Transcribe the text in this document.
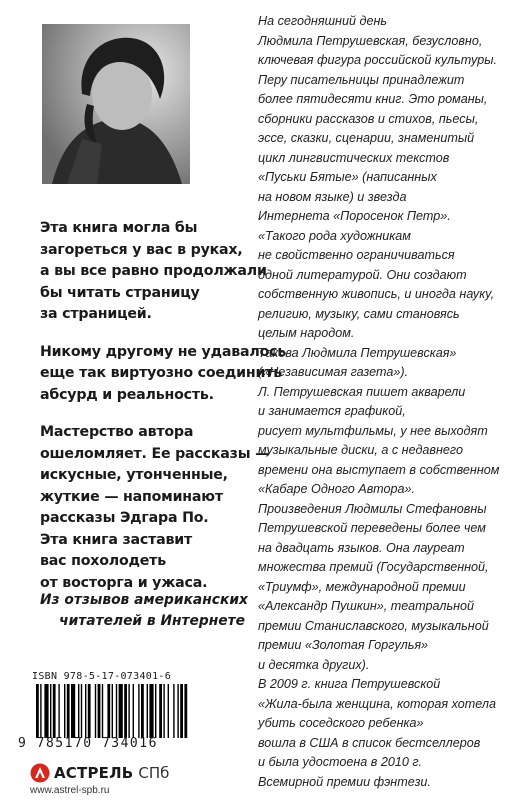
Эта книга могла бы
загореться у вас в руках,
а вы все равно продолжали
бы читать страницу
за страницей.

Никому другому не удавалось
еще так виртуозно соединить
абсурд и реальность.

Мастерство автора
ошеломляет. Ее рассказы —
искусные, утонченные,
жуткие — напоминают
рассказы Эдгара По.
Эта книга заставит
вас похолодеть
от восторга и ужаса.

Из отзывов американских
читателей в Интернете
На сегодняшний день
Людмила Петрушевская, безусловно,
ключевая фигура российской культуры.
Перу писательницы принадлежит
более пятидесяти книг. Это романы,
сборники рассказов и стихов, пьесы,
эссе, сказки, сценарии, знаменитый
цикл лингвистических текстов
«Пуськи Бятые» (написанных
на новом языке) и звезда
Интернета «Поросенок Петр».
«Такого рода художникам
не свойственно ограничиваться
одной литературой. Они создают
собственную живопись, и иногда науку,
религию, музыку, сами становясь
целым народом.
Такова Людмила Петрушевская»
(«Независимая газета»).
Л. Петрушевская пишет акварели
и занимается графикой,
рисует мультфильмы, у нее выходят
музыкальные диски, а с недавнего
времени она выступает в собственном
«Кабаре Одного Автора».
Произведения Людмилы Стефановны
Петрушевской переведены более чем
на двадцать языков. Она лауреат
множества премий (Государственной,
«Триумф», международной премии
«Александр Пушкин», театральной
премии Станиславского, музыкальной
премии «Золотая Горгулья»
и десятка других).
В 2009 г. книга Петрушевской
«Жила-была женщина, которая хотела
убить соседского ребенка»
вошла в США в список бестселлеров
и была удостоена в 2010 г.
Всемирной премии фэнтези.
ISBN 978-5-17-073401-6
9 785170 734016
АСТРЕЛЬ СПб
www.astrel-spb.ru
